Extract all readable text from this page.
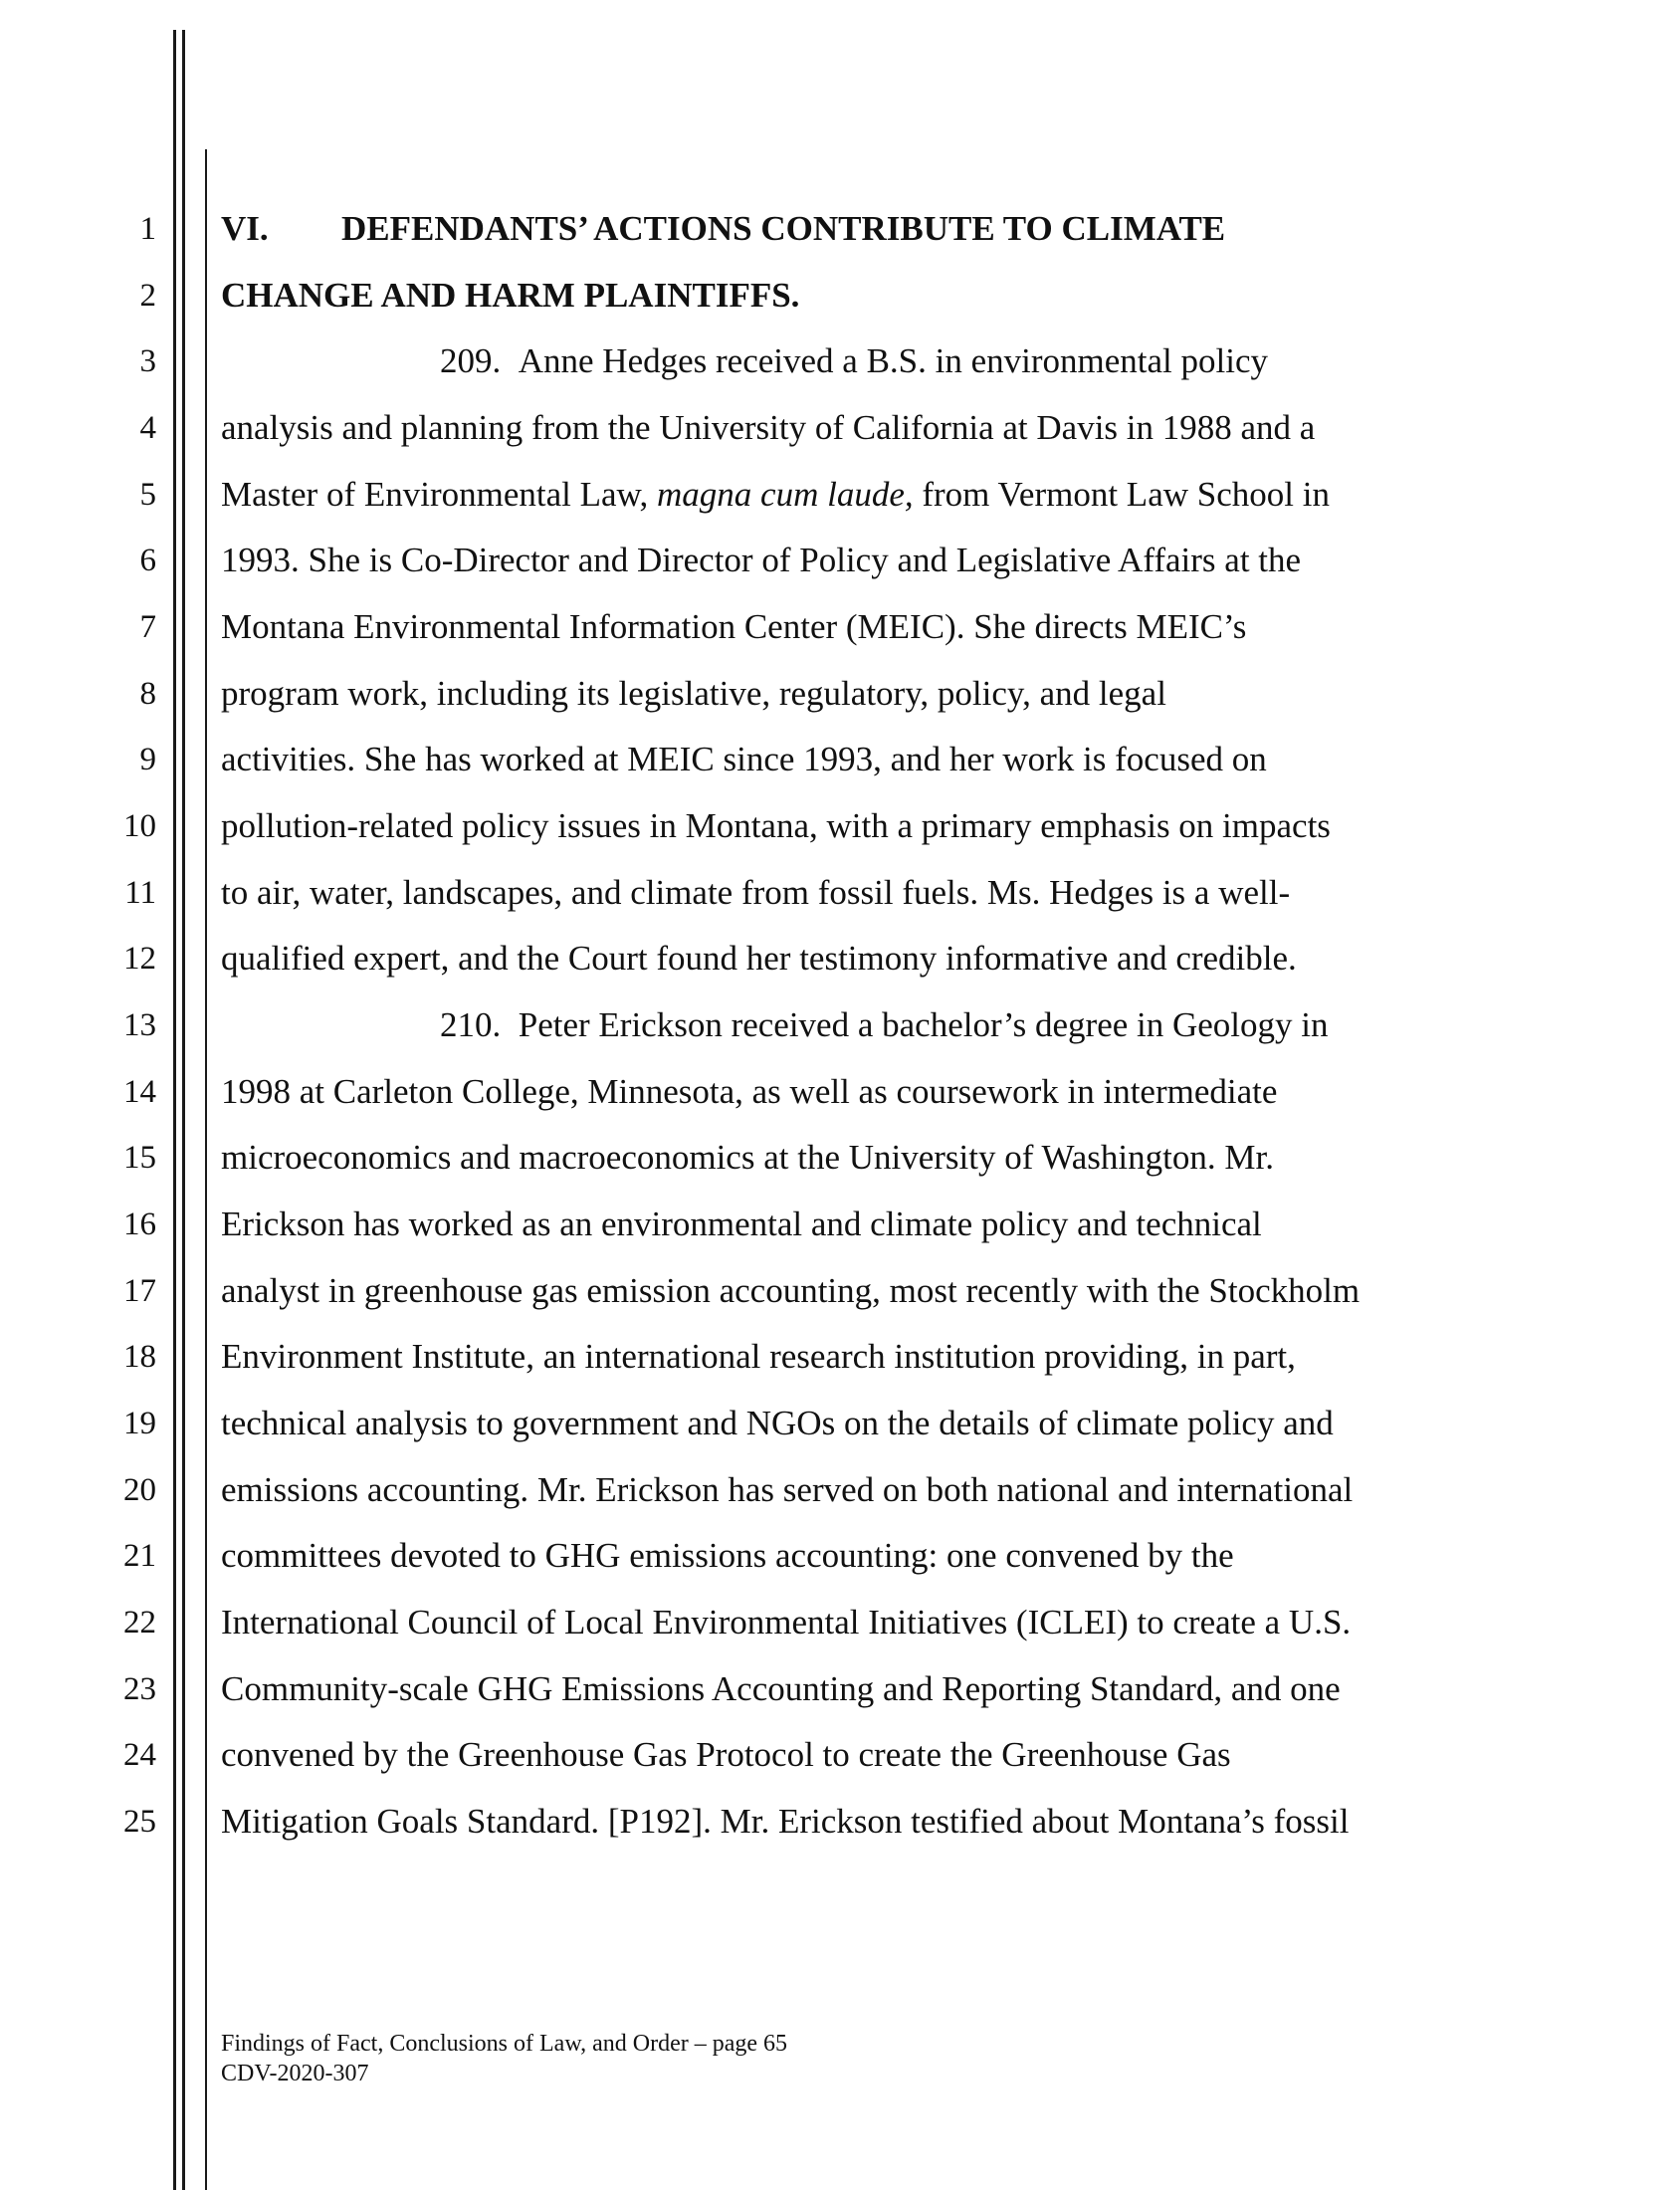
1
2
3
4
5
6
7
8
9
10
11
12
13
14
15
16
17
18
19
20
21
22
23
24
25
VI. DEFENDANTS’ ACTIONS CONTRIBUTE TO CLIMATE
CHANGE AND HARM PLAINTIFFS.
209. Anne Hedges received a B.S. in environmental policy
analysis and planning from the University of California at Davis in 1988 and a
Master of Environmental Law, magna cum laude, from Vermont Law School in
1993. She is Co-Director and Director of Policy and Legislative Affairs at the
Montana Environmental Information Center (MEIC). She directs MEIC’s
program work, including its legislative, regulatory, policy, and legal
activities. She has worked at MEIC since 1993, and her work is focused on
pollution-related policy issues in Montana, with a primary emphasis on impacts
to air, water, landscapes, and climate from fossil fuels. Ms. Hedges is a well-
qualified expert, and the Court found her testimony informative and credible.
210. Peter Erickson received a bachelor’s degree in Geology in
1998 at Carleton College, Minnesota, as well as coursework in intermediate
microeconomics and macroeconomics at the University of Washington. Mr.
Erickson has worked as an environmental and climate policy and technical
analyst in greenhouse gas emission accounting, most recently with the Stockholm
Environment Institute, an international research institution providing, in part,
technical analysis to government and NGOs on the details of climate policy and
emissions accounting. Mr. Erickson has served on both national and international
committees devoted to GHG emissions accounting: one convened by the
International Council of Local Environmental Initiatives (ICLEI) to create a U.S.
Community-scale GHG Emissions Accounting and Reporting Standard, and one
convened by the Greenhouse Gas Protocol to create the Greenhouse Gas
Mitigation Goals Standard. [P192]. Mr. Erickson testified about Montana’s fossil
Findings of Fact, Conclusions of Law, and Order – page 65
CDV-2020-307
